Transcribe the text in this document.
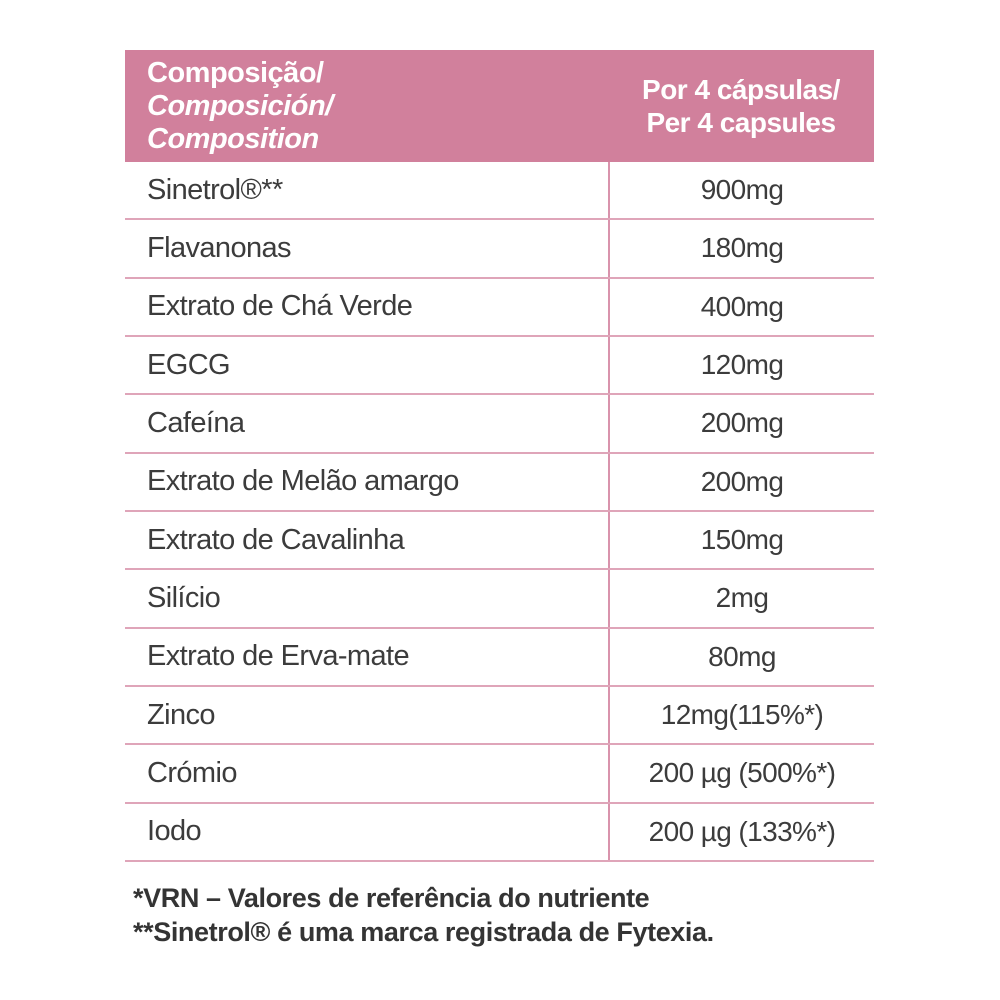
Composição/
Composición/
Composition
Por 4 cápsulas/
Per 4 capsules
Sinetrol®**	900mg
Flavanonas	180mg
Extrato de Chá Verde	400mg
EGCG	120mg
Cafeína	200mg
Extrato de Melão amargo	200mg
Extrato de Cavalinha	150mg
Silício	2mg
Extrato de Erva-mate	80mg
Zinco	12mg(115%*)
Crómio	200 µg (500%*)
Iodo	200 µg (133%*)
*VRN – Valores de referência do nutriente
**Sinetrol® é uma marca registrada de Fytexia.
